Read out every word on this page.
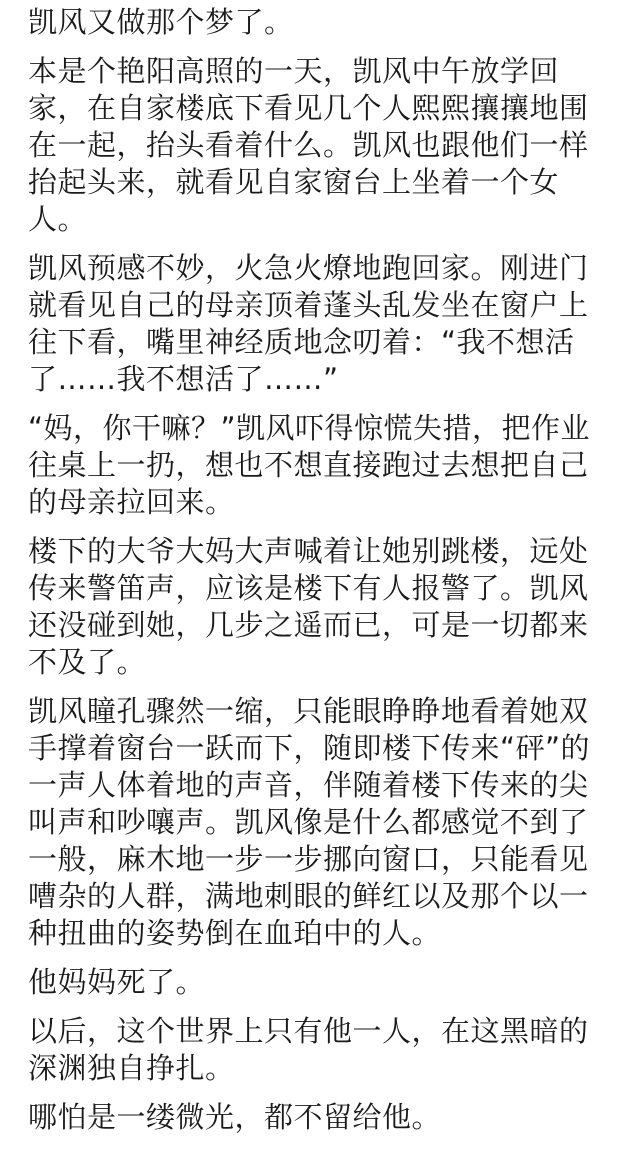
凯风又做那个梦了。

本是个艳阳高照的一天，凯风中午放学回家，在自家楼底下看见几个人熙熙攘攘地围在一起，抬头看着什么。凯风也跟他们一样抬起头来，就看见自家窗台上坐着一个女人。

凯风预感不妙，火急火燎地跑回家。刚进门就看见自己的母亲顶着蓬头乱发坐在窗户上往下看，嘴里神经质地念叨着：“我不想活了……我不想活了……”

“妈，你干嘛？”凯风吓得惊慌失措，把作业往桌上一扔，想也不想直接跑过去想把自己的母亲拉回来。

楼下的大爷大妈大声喊着让她别跳楼，远处传来警笛声，应该是楼下有人报警了。凯风还没碰到她，几步之遥而已，可是一切都来不及了。

凯风瞳孔骤然一缩，只能眼睁睁地看着她双手撑着窗台一跃而下，随即楼下传来“砰”的一声人体着地的声音，伴随着楼下传来的尖叫声和吵嚷声。凯风像是什么都感觉不到了一般，麻木地一步一步挪向窗口，只能看见嘈杂的人群，满地刺眼的鲜红以及那个以一种扭曲的姿势倒在血珀中的人。

他妈妈死了。

以后，这个世界上只有他一人，在这黑暗的深渊独自挣扎。

哪怕是一缕微光，都不留给他。
